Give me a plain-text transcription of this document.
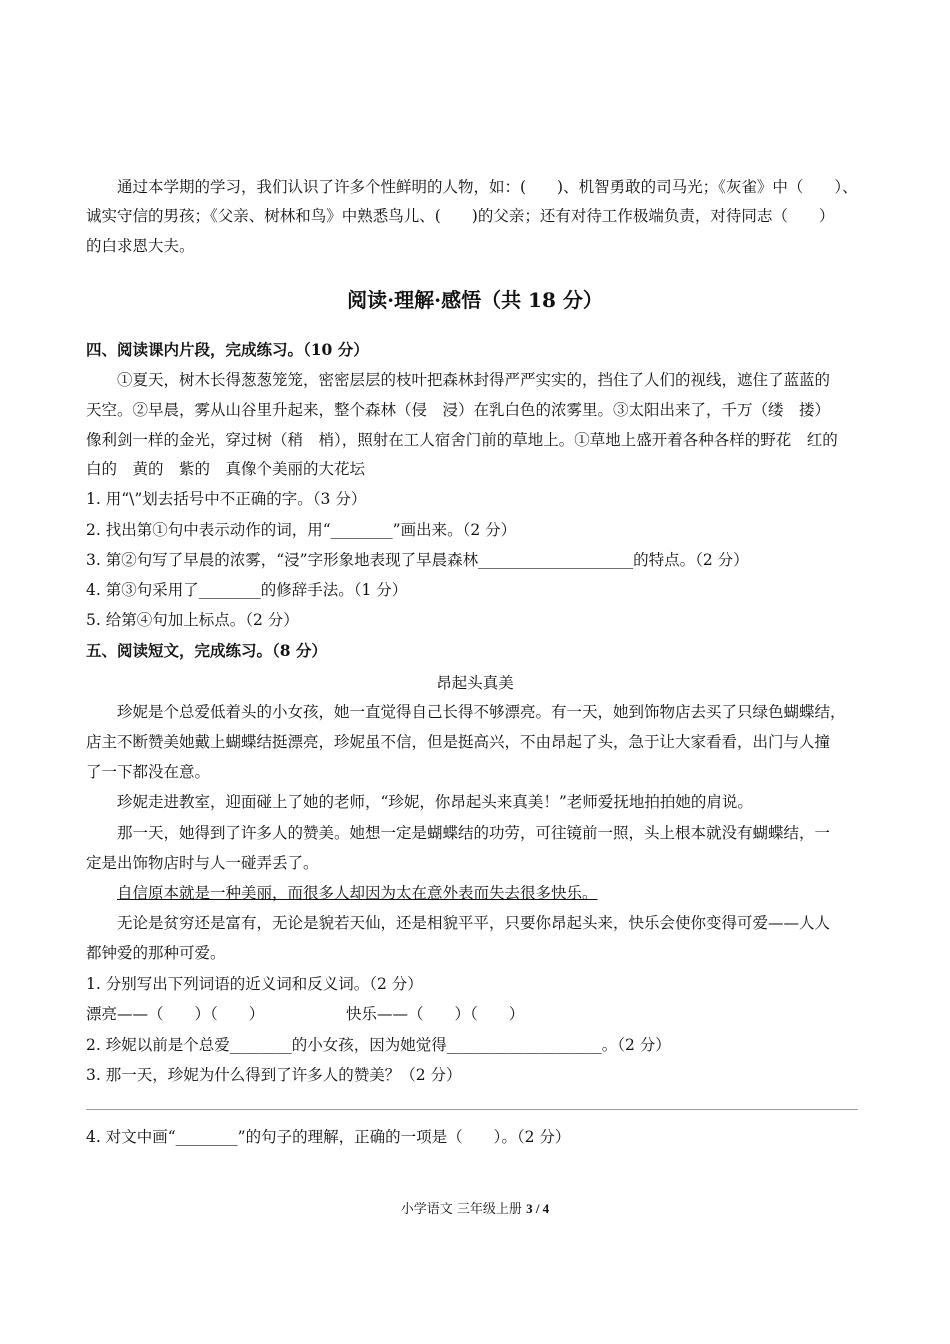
通过本学期的学习，我们认识了许多个性鲜明的人物，如：(　　)、机智勇敢的司马光；《灰雀》中（　　）、
诚实守信的男孩；《父亲、树林和鸟》中熟悉鸟儿、(　　)的父亲；还有对待工作极端负责，对待同志（　　）
的白求恩大夫。
阅读·理解·感悟（共 18 分）
四、阅读课内片段，完成练习。（10 分）
①夏天，树木长得葱葱笼笼，密密层层的枝叶把森林封得严严实实的，挡住了人们的视线，遮住了蓝蓝的
天空。②早晨，雾从山谷里升起来，整个森林（侵　浸）在乳白色的浓雾里。③太阳出来了，千万（缕　搂）
像利剑一样的金光，穿过树（稍　梢），照射在工人宿舍门前的草地上。①草地上盛开着各种各样的野花　红的
白的　黄的　紫的　真像个美丽的大花坛
1. 用“\”划去括号中不正确的字。（3 分）
2. 找出第①句中表示动作的词，用“________”画出来。（2 分）
3. 第②句写了早晨的浓雾，“浸”字形象地表现了早晨森林____________________的特点。（2 分）
4. 第③句采用了________的修辞手法。（1 分）
5. 给第④句加上标点。（2 分）
五、阅读短文，完成练习。（8 分）
昂起头真美
珍妮是个总爱低着头的小女孩，她一直觉得自己长得不够漂亮。有一天，她到饰物店去买了只绿色蝴蝶结，
店主不断赞美她戴上蝴蝶结挺漂亮，珍妮虽不信，但是挺高兴，不由昂起了头，急于让大家看看，出门与人撞
了一下都没在意。
珍妮走进教室，迎面碰上了她的老师，“珍妮，你昂起头来真美！”老师爱抚地拍拍她的肩说。
那一天，她得到了许多人的赞美。她想一定是蝴蝶结的功劳，可往镜前一照，头上根本就没有蝴蝶结，一
定是出饰物店时与人一碰弄丢了。
自信原本就是一种美丽，而很多人却因为太在意外表而失去很多快乐。
无论是贫穷还是富有，无论是貌若天仙，还是相貌平平，只要你昂起头来，快乐会使你变得可爱——人人
都钟爱的那种可爱。
1. 分别写出下列词语的近义词和反义词。（2 分）
漂亮——（　　）（　　）	快乐——（　　）（　　）
2. 珍妮以前是个总爱________的小女孩，因为她觉得____________________。（2 分）
3. 那一天，珍妮为什么得到了许多人的赞美？（2 分）
4. 对文中画“________”的句子的理解，正确的一项是（　　）。（2 分）
小学语文 三年级上册 3 / 4
